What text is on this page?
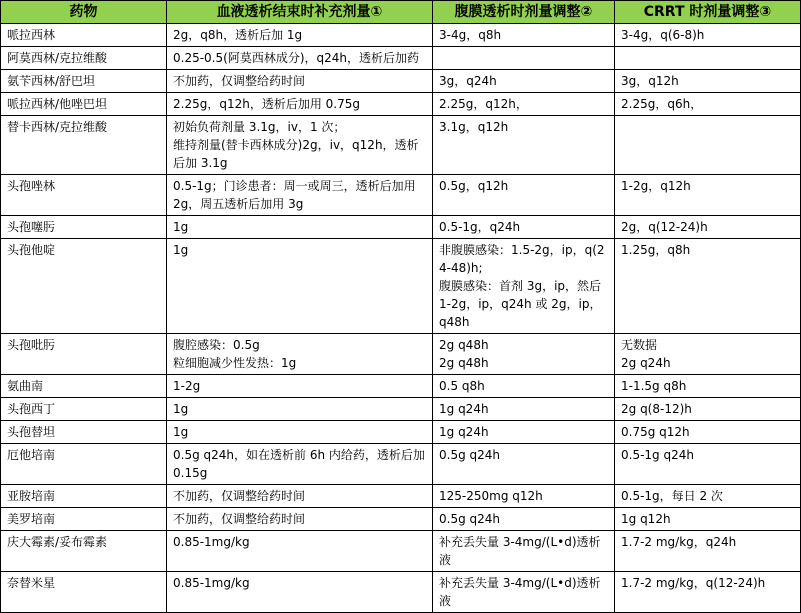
药物	血液透析结束时补充剂量①	腹膜透析时剂量调整②	CRRT 时剂量调整③
哌拉西林	2g，q8h，透析后加 1g	3-4g，q8h	3-4g，q(6-8)h

阿莫西林/克拉维酸	0.25-0.5(阿莫西林成分)，q24h，透析后加药		

氨苄西林/舒巴坦	不加药，仅调整给药时间	3g，q24h	3g，q12h

哌拉西林/他唑巴坦	2.25g，q12h，透析后加用 0.75g	2.25g，q12h，	2.25g，q6h，

替卡西林/克拉维酸	初始负荷剂量 3.1g，iv，1 次；
维持剂量(替卡西林成分)2g，iv，q12h，透析后加 3.1g	3.1g，q12h	

头孢唑林	0.5-1g；门诊患者：周一或周三，透析后加用 2g，周五透析后加用 3g	0.5g，q12h	1-2g，q12h

头孢噻肟	1g	0.5-1g，q24h	2g，q(12-24)h

头孢他啶	1g	非腹膜感染：1.5-2g，ip，q(24-48)h;
腹膜感染：首剂 3g，ip，然后 1-2g，ip，q24h 或 2g，ip，q48h	1.25g，q8h

头孢吡肟	腹腔感染：0.5g
粒细胞减少性发热：1g	2g q48h
2g q48h	无数据
2g q24h

氨曲南	1-2g	0.5 q8h	1-1.5g q8h

头孢西丁	1g	1g q24h	2g q(8-12)h

头孢替坦	1g	1g q24h	0.75g q12h

厄他培南	0.5g q24h，如在透析前 6h 内给药，透析后加 0.15g	0.5g q24h	0.5-1g q24h

亚胺培南	不加药，仅调整给药时间	125-250mg q12h	0.5-1g，每日 2 次

美罗培南	不加药，仅调整给药时间	0.5g q24h	1g q12h

庆大霉素/妥布霉素	0.85-1mg/kg	补充丢失量 3-4mg/(L•d)透析液	1.7-2 mg/kg，q24h

奈替米星	0.85-1mg/kg	补充丢失量 3-4mg/(L•d)透析液	1.7-2 mg/kg，q(12-24)h
